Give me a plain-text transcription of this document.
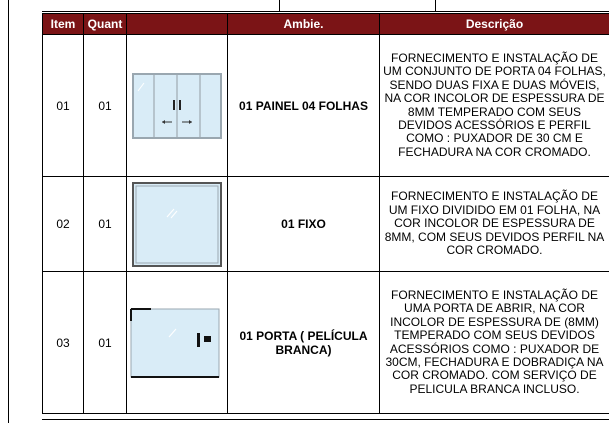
Item	Quant		Ambie.	Descrição
01	01		01 PAINEL 04 FOLHAS	FORNECIMENTO E INSTALAÇÃO DE UM CONJUNTO DE PORTA 04 FOLHAS, SENDO DUAS FIXA E DUAS MÓVEIS, NA COR INCOLOR DE ESPESSURA DE 8MM TEMPERADO COM SEUS DEVIDOS ACESSÓRIOS E PERFIL COMO : PUXADOR DE 30 CM E FECHADURA NA COR CROMADO.
02	01		01 FIXO	FORNECIMENTO E INSTALAÇÃO DE UM FIXO DIVIDIDO EM 01 FOLHA, NA COR INCOLOR DE ESPESSURA DE 8MM, COM SEUS DEVIDOS PERFIL NA COR CROMADO.
03	01		01 PORTA ( PELÍCULA BRANCA)	FORNECIMENTO E INSTALAÇÃO DE UMA PORTA DE ABRIR, NA COR INCOLOR DE ESPESSURA DE (8MM) TEMPERADO COM SEUS DEVIDOS ACESSÓRIOS COMO : PUXADOR DE 30CM, FECHADURA E DOBRADIÇA NA COR CROMADO. COM SERVIÇO DE PELICULA BRANCA INCLUSO.
